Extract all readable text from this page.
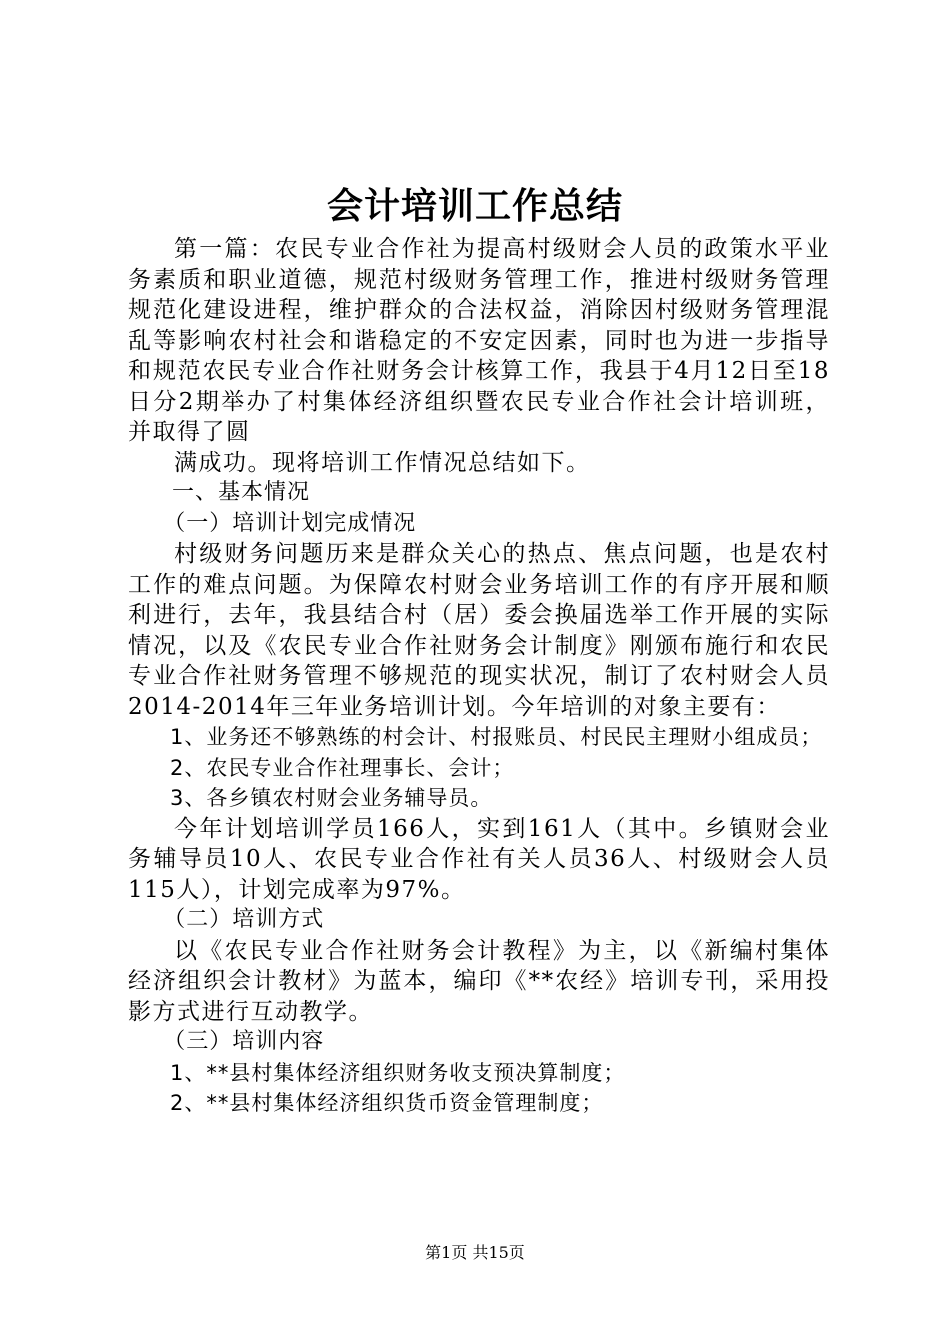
会计培训工作总结

第一篇：农民专业合作社为提高村级财会人员的政策水平业务素质和职业道德，规范村级财务管理工作，推进村级财务管理规范化建设进程，维护群众的合法权益，消除因村级财务管理混乱等影响农村社会和谐稳定的不安定因素，同时也为进一步指导和规范农民专业合作社财务会计核算工作，我县于4月12日至18日分2期举办了村集体经济组织暨农民专业合作社会计培训班，并取得了圆

满成功。现将培训工作情况总结如下。

一、基本情况

（一）培训计划完成情况

村级财务问题历来是群众关心的热点、焦点问题，也是农村工作的难点问题。为保障农村财会业务培训工作的有序开展和顺利进行，去年，我县结合村（居）委会换届选举工作开展的实际情况，以及《农民专业合作社财务会计制度》刚颁布施行和农民专业合作社财务管理不够规范的现实状况，制订了农村财会人员2014-2014年三年业务培训计划。今年培训的对象主要有：

1、业务还不够熟练的村会计、村报账员、村民民主理财小组成员；

2、农民专业合作社理事长、会计；

3、各乡镇农村财会业务辅导员。

今年计划培训学员166人，实到161人（其中。乡镇财会业务辅导员10人、农民专业合作社有关人员36人、村级财会人员115人），计划完成率为97%。

（二）培训方式

以《农民专业合作社财务会计教程》为主，以《新编村集体经济组织会计教材》为蓝本，编印《**农经》培训专刊，采用投影方式进行互动教学。

（三）培训内容

1、**县村集体经济组织财务收支预决算制度；

2、**县村集体经济组织货币资金管理制度；

第1页 共15页
